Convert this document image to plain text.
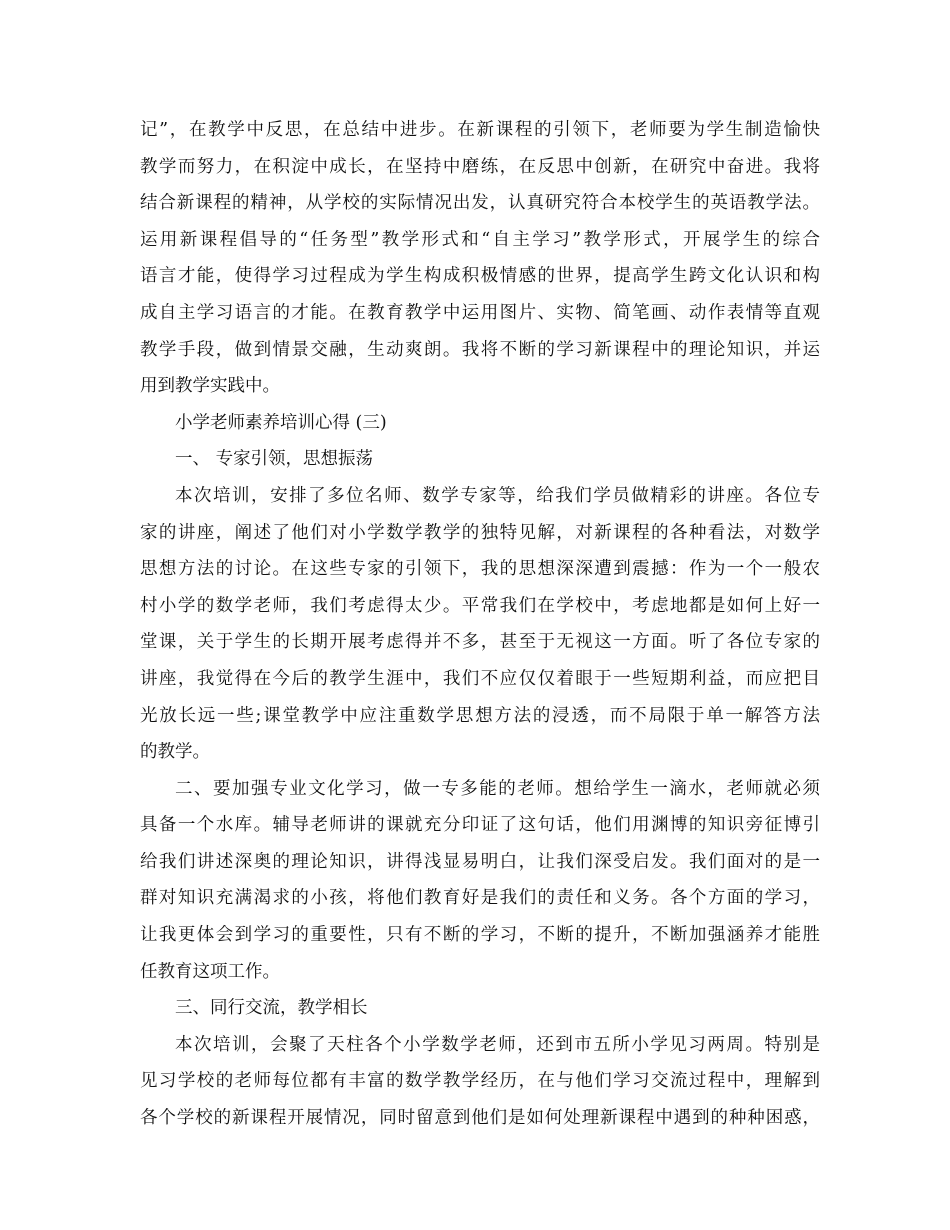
记”，在教学中反思，在总结中进步。在新课程的引领下，老师要为学生制造愉快
教学而努力，在积淀中成长，在坚持中磨练，在反思中创新，在研究中奋进。我将
结合新课程的精神，从学校的实际情况出发，认真研究符合本校学生的英语教学法。
运用新课程倡导的“任务型”教学形式和“自主学习”教学形式，开展学生的综合
语言才能，使得学习过程成为学生构成积极情感的世界，提高学生跨文化认识和构
成自主学习语言的才能。在教育教学中运用图片、实物、简笔画、动作表情等直观
教学手段，做到情景交融，生动爽朗。我将不断的学习新课程中的理论知识，并运
用到教学实践中。
小学老师素养培训心得 (三)
一、 专家引领，思想振荡
本次培训，安排了多位名师、数学专家等，给我们学员做精彩的讲座。各位专
家的讲座，阐述了他们对小学数学教学的独特见解，对新课程的各种看法，对数学
思想方法的讨论。在这些专家的引领下，我的思想深深遭到震撼：作为一个一般农
村小学的数学老师，我们考虑得太少。平常我们在学校中，考虑地都是如何上好一
堂课，关于学生的长期开展考虑得并不多，甚至于无视这一方面。听了各位专家的
讲座，我觉得在今后的教学生涯中，我们不应仅仅着眼于一些短期利益，而应把目
光放长远一些;课堂教学中应注重数学思想方法的浸透，而不局限于单一解答方法
的教学。
二、要加强专业文化学习，做一专多能的老师。想给学生一滴水，老师就必须
具备一个水库。辅导老师讲的课就充分印证了这句话，他们用渊博的知识旁征博引
给我们讲述深奥的理论知识，讲得浅显易明白，让我们深受启发。我们面对的是一
群对知识充满渴求的小孩，将他们教育好是我们的责任和义务。各个方面的学习，
让我更体会到学习的重要性，只有不断的学习，不断的提升，不断加强涵养才能胜
任教育这项工作。
三、同行交流，教学相长
本次培训，会聚了天柱各个小学数学老师，还到市五所小学见习两周。特别是
见习学校的老师每位都有丰富的数学教学经历，在与他们学习交流过程中，理解到
各个学校的新课程开展情况，同时留意到他们是如何处理新课程中遇到的种种困惑，
